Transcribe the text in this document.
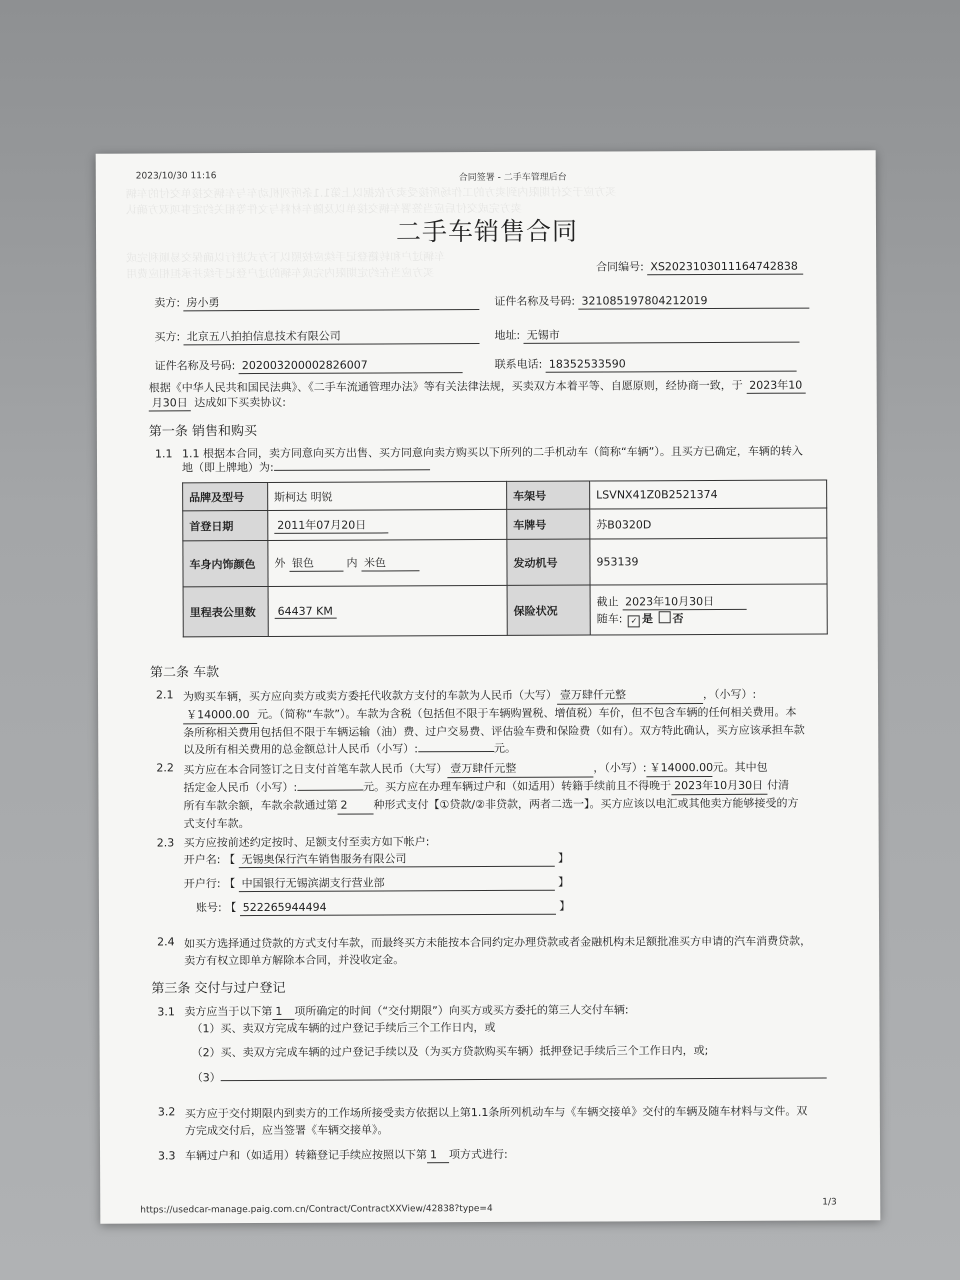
买方应于交付期限内到卖方的工作场所接受卖方依据以上第1.1条所列机动车与车辆交接单交付的车辆
卖方完成交付后应当签署车辆交接单以及随车材料与文件等相关约定事项双方确认
车辆过户和转籍登记手续应按照以下方式进行以确保交易顺利完成
买方应当在约定期限内完成车辆的过户登记手续并承担相应费用
2023/10/30 11:16	合同签署 - 二手车管理后台
二手车销售合同
合同编号: XS2023103011164742838
卖方: 房小勇	证件名称及号码: 321085197804212019
买方: 北京五八拍拍信息技术有限公司	地址: 无锡市
证件名称及号码: 202003200002826007	联系电话: 18352533590
根据《中华人民共和国民法典》、《二手车流通管理办法》等有关法律法规，买卖双方本着平等、自愿原则，经协商一致，于 2023年10
月30日 达成如下买卖协议:
第一条 销售和购买
1.1 1.1 根据本合同，卖方同意向买方出售、买方同意向卖方购买以下所列的二手机动车（简称“车辆”）。且买方已确定，车辆的转入
地（即上牌地）为:
品牌及型号	斯柯达 明锐	车架号	LSVNX41Z0B2521374
首登日期	2011年07月20日	车牌号	苏B0320D
车身内饰颜色	外 银色 内 米色	发动机号	953139
里程表公里数	64437 KM	保险状况	截止 2023年10月30日
随车: ✓ 是 否
第二条 车款
2.1 为购买车辆，买方应向卖方或卖方委托代收款方支付的车款为人民币（大写） 壹万肆仟元整	，（小写）:
￥14000.00 元。（简称“车款”）。车款为含税（包括但不限于车辆购置税、增值税）车价，但不包含车辆的任何相关费用。本
条所称相关费用包括但不限于车辆运输（油）费、过户交易费、评估验车费和保险费（如有）。双方特此确认，买方应该承担车款
以及所有相关费用的总金额总计人民币（小写）:	元。
2.2 买方应在本合同签订之日支付首笔车款人民币（大写） 壹万肆仟元整	，（小写）: ￥14000.00元。其中包
括定金人民币（小写）:	元。买方应在办理车辆过户和（如适用）转籍手续前且不得晚于 2023年10月30日 付清
所有车款余额，车款余款通过第 2 种形式支付【①贷款/②非贷款，两者二选一】。买方应该以电汇或其他卖方能够接受的方
式支付车款。
2.3 买方应按前述约定按时、足额支付至卖方如下帐户:
开户名: 【 无锡奥保行汽车销售服务有限公司	】
开户行: 【 中国银行无锡滨湖支行营业部	】
账号: 【 522265944494	】
2.4 如买方选择通过贷款的方式支付车款，而最终买方未能按本合同约定办理贷款或者金融机构未足额批准买方申请的汽车消费贷款，
卖方有权立即单方解除本合同，并没收定金。
第三条 交付与过户登记
3.1 卖方应当于以下第 1 项所确定的时间（“交付期限”）向买方或买方委托的第三人交付车辆:
（1）买、卖双方完成车辆的过户登记手续后三个工作日内，或
（2）买、卖双方完成车辆的过户登记手续以及（为买方贷款购买车辆）抵押登记手续后三个工作日内，或;
（3）
3.2 买方应于交付期限内到卖方的工作场所接受卖方依据以上第1.1条所列机动车与《车辆交接单》交付的车辆及随车材料与文件。双
方完成交付后，应当签署《车辆交接单》。
3.3 车辆过户和（如适用）转籍登记手续应按照以下第 1 项方式进行:
https://usedcar-manage.paig.com.cn/Contract/ContractXXView/42838?type=4
1/3
